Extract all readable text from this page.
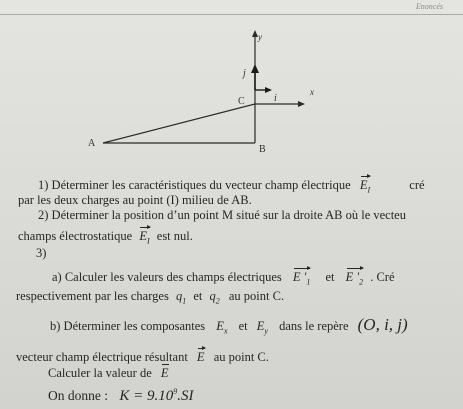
Enoncés
y
x
j
i
C
A
B
1) Déterminer les caractéristiques du vecteur champ électrique $E_I$	cré
par les deux charges au point (I) milieu de AB.
2) Déterminer la position d’un point M situé sur la droite AB où le vecteu
champs électrostatique $E_I$ est nul.
3)
a) Calculer les valeurs des champs électriques E '$_1$ et E '$_2$ . Cré
respectivement par les charges $q_1$ et $q_2$ au point C.
b) Déterminer les composantes $E_x$ et $E_y$ dans le repère (O, i, j)
vecteur champ électrique résultant E au point C.
Calculer la valeur de E
On donne : $K = 9.10^9.SI$
